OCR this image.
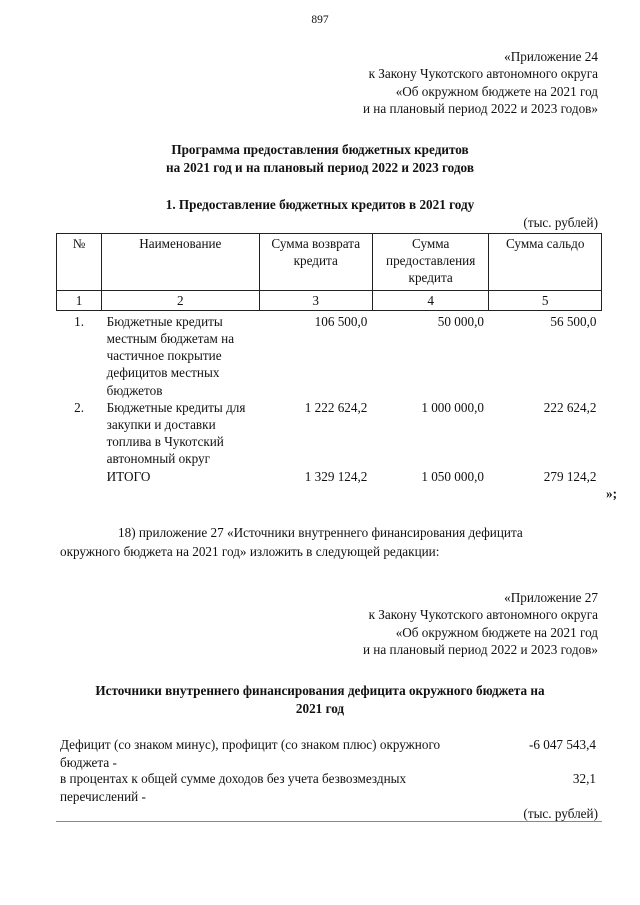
897
«Приложение 24
к Закону Чукотского автономного округа
«Об окружном бюджете на 2021 год
и на плановый период 2022 и 2023 годов»
Программа предоставления бюджетных кредитов
на 2021 год и на плановый период 2022 и 2023 годов
1. Предоставление бюджетных кредитов в 2021 году
(тыс. рублей)
№	Наименование	Сумма возврата кредита	Сумма предоставления кредита	Сумма сальдо
1	2	3	4	5
1.	Бюджетные кредиты местным бюджетам на частичное покрытие дефицитов местных бюджетов	106 500,0	50 000,0	56 500,0
2.	Бюджетные кредиты для закупки и доставки топлива в Чукотский автономный округ	1 222 624,2	1 000 000,0	222 624,2
	ИТОГО	1 329 124,2	1 050 000,0	279 124,2
»;
18) приложение 27 «Источники внутреннего финансирования дефицита
окружного бюджета на 2021 год» изложить в следующей редакции:
«Приложение 27
к Закону Чукотского автономного округа
«Об окружном бюджете на 2021 год
и на плановый период 2022 и 2023 годов»
Источники внутреннего финансирования дефицита окружного бюджета на
2021 год
Дефицит (со знаком минус), профицит (со знаком плюс) окружного бюджета -
-6 047 543,4
в процентах к общей сумме доходов без учета безвозмездных перечислений -
32,1
(тыс. рублей)
